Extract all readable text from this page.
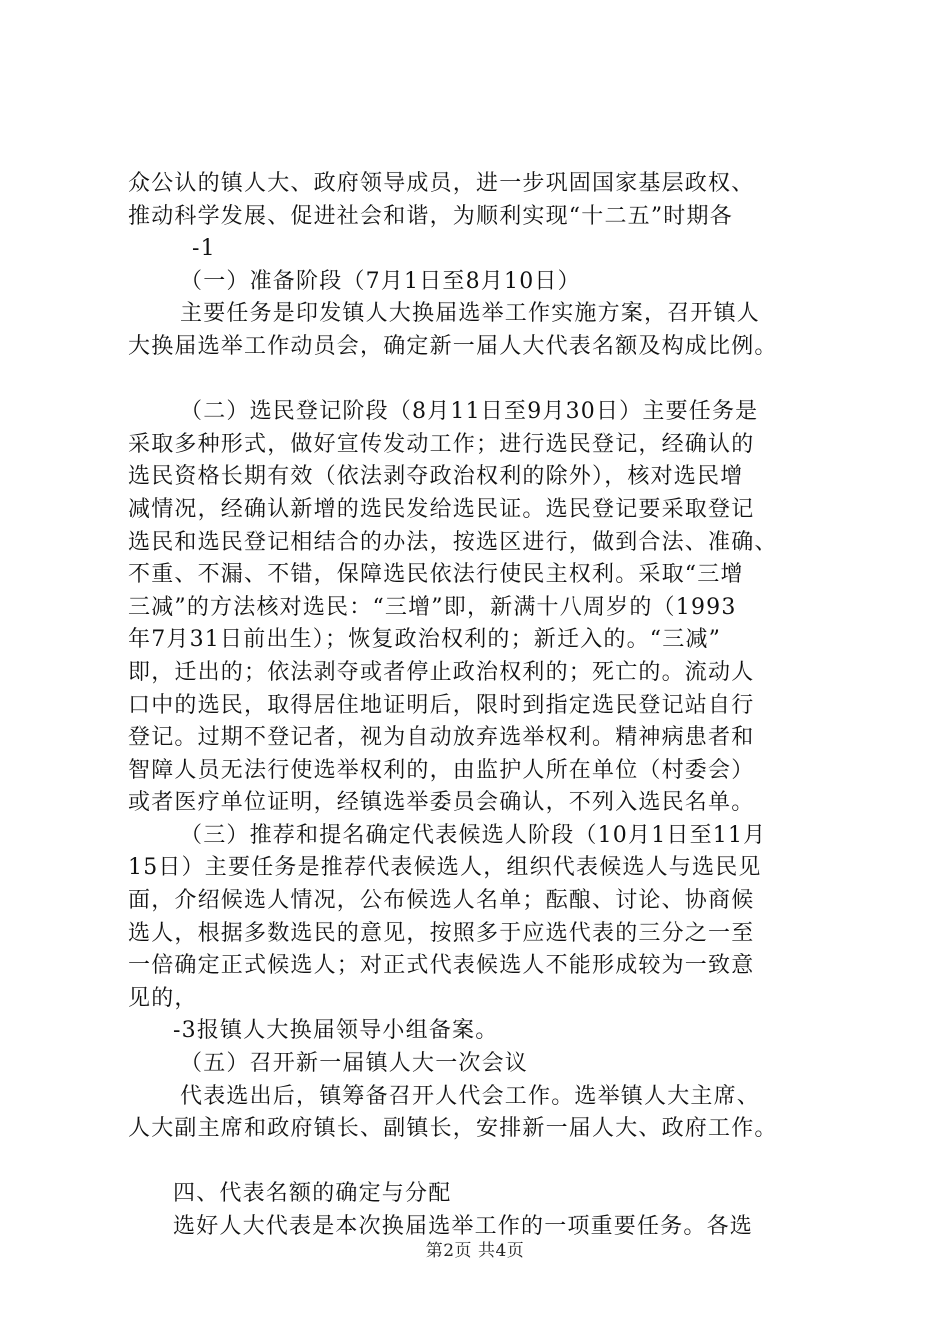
众公认的镇人大、政府领导成员，进一步巩固国家基层政权、
推动科学发展、促进社会和谐，为顺利实现“十二五”时期各
-1
（一）准备阶段（7月1日至8月10日）
主要任务是印发镇人大换届选举工作实施方案，召开镇人
大换届选举工作动员会，确定新一届人大代表名额及构成比例。
（二）选民登记阶段（8月11日至9月30日）主要任务是
采取多种形式，做好宣传发动工作；进行选民登记，经确认的
选民资格长期有效（依法剥夺政治权利的除外），核对选民增
减情况，经确认新增的选民发给选民证。选民登记要采取登记
选民和选民登记相结合的办法，按选区进行，做到合法、准确、
不重、不漏、不错，保障选民依法行使民主权利。采取“三增
三减”的方法核对选民：“三增”即，新满十八周岁的（1993
年7月31日前出生）；恢复政治权利的；新迁入的。“三减”
即，迁出的；依法剥夺或者停止政治权利的；死亡的。流动人
口中的选民，取得居住地证明后，限时到指定选民登记站自行
登记。过期不登记者，视为自动放弃选举权利。精神病患者和
智障人员无法行使选举权利的，由监护人所在单位（村委会）
或者医疗单位证明，经镇选举委员会确认，不列入选民名单。
（三）推荐和提名确定代表候选人阶段（10月1日至11月
15日）主要任务是推荐代表候选人，组织代表候选人与选民见
面，介绍候选人情况，公布候选人名单；酝酿、讨论、协商候
选人，根据多数选民的意见，按照多于应选代表的三分之一至
一倍确定正式候选人；对正式代表候选人不能形成较为一致意
见的，
-3报镇人大换届领导小组备案。
（五）召开新一届镇人大一次会议
代表选出后，镇筹备召开人代会工作。选举镇人大主席、
人大副主席和政府镇长、副镇长，安排新一届人大、政府工作。
四、代表名额的确定与分配
选好人大代表是本次换届选举工作的一项重要任务。各选
第2页 共4页
